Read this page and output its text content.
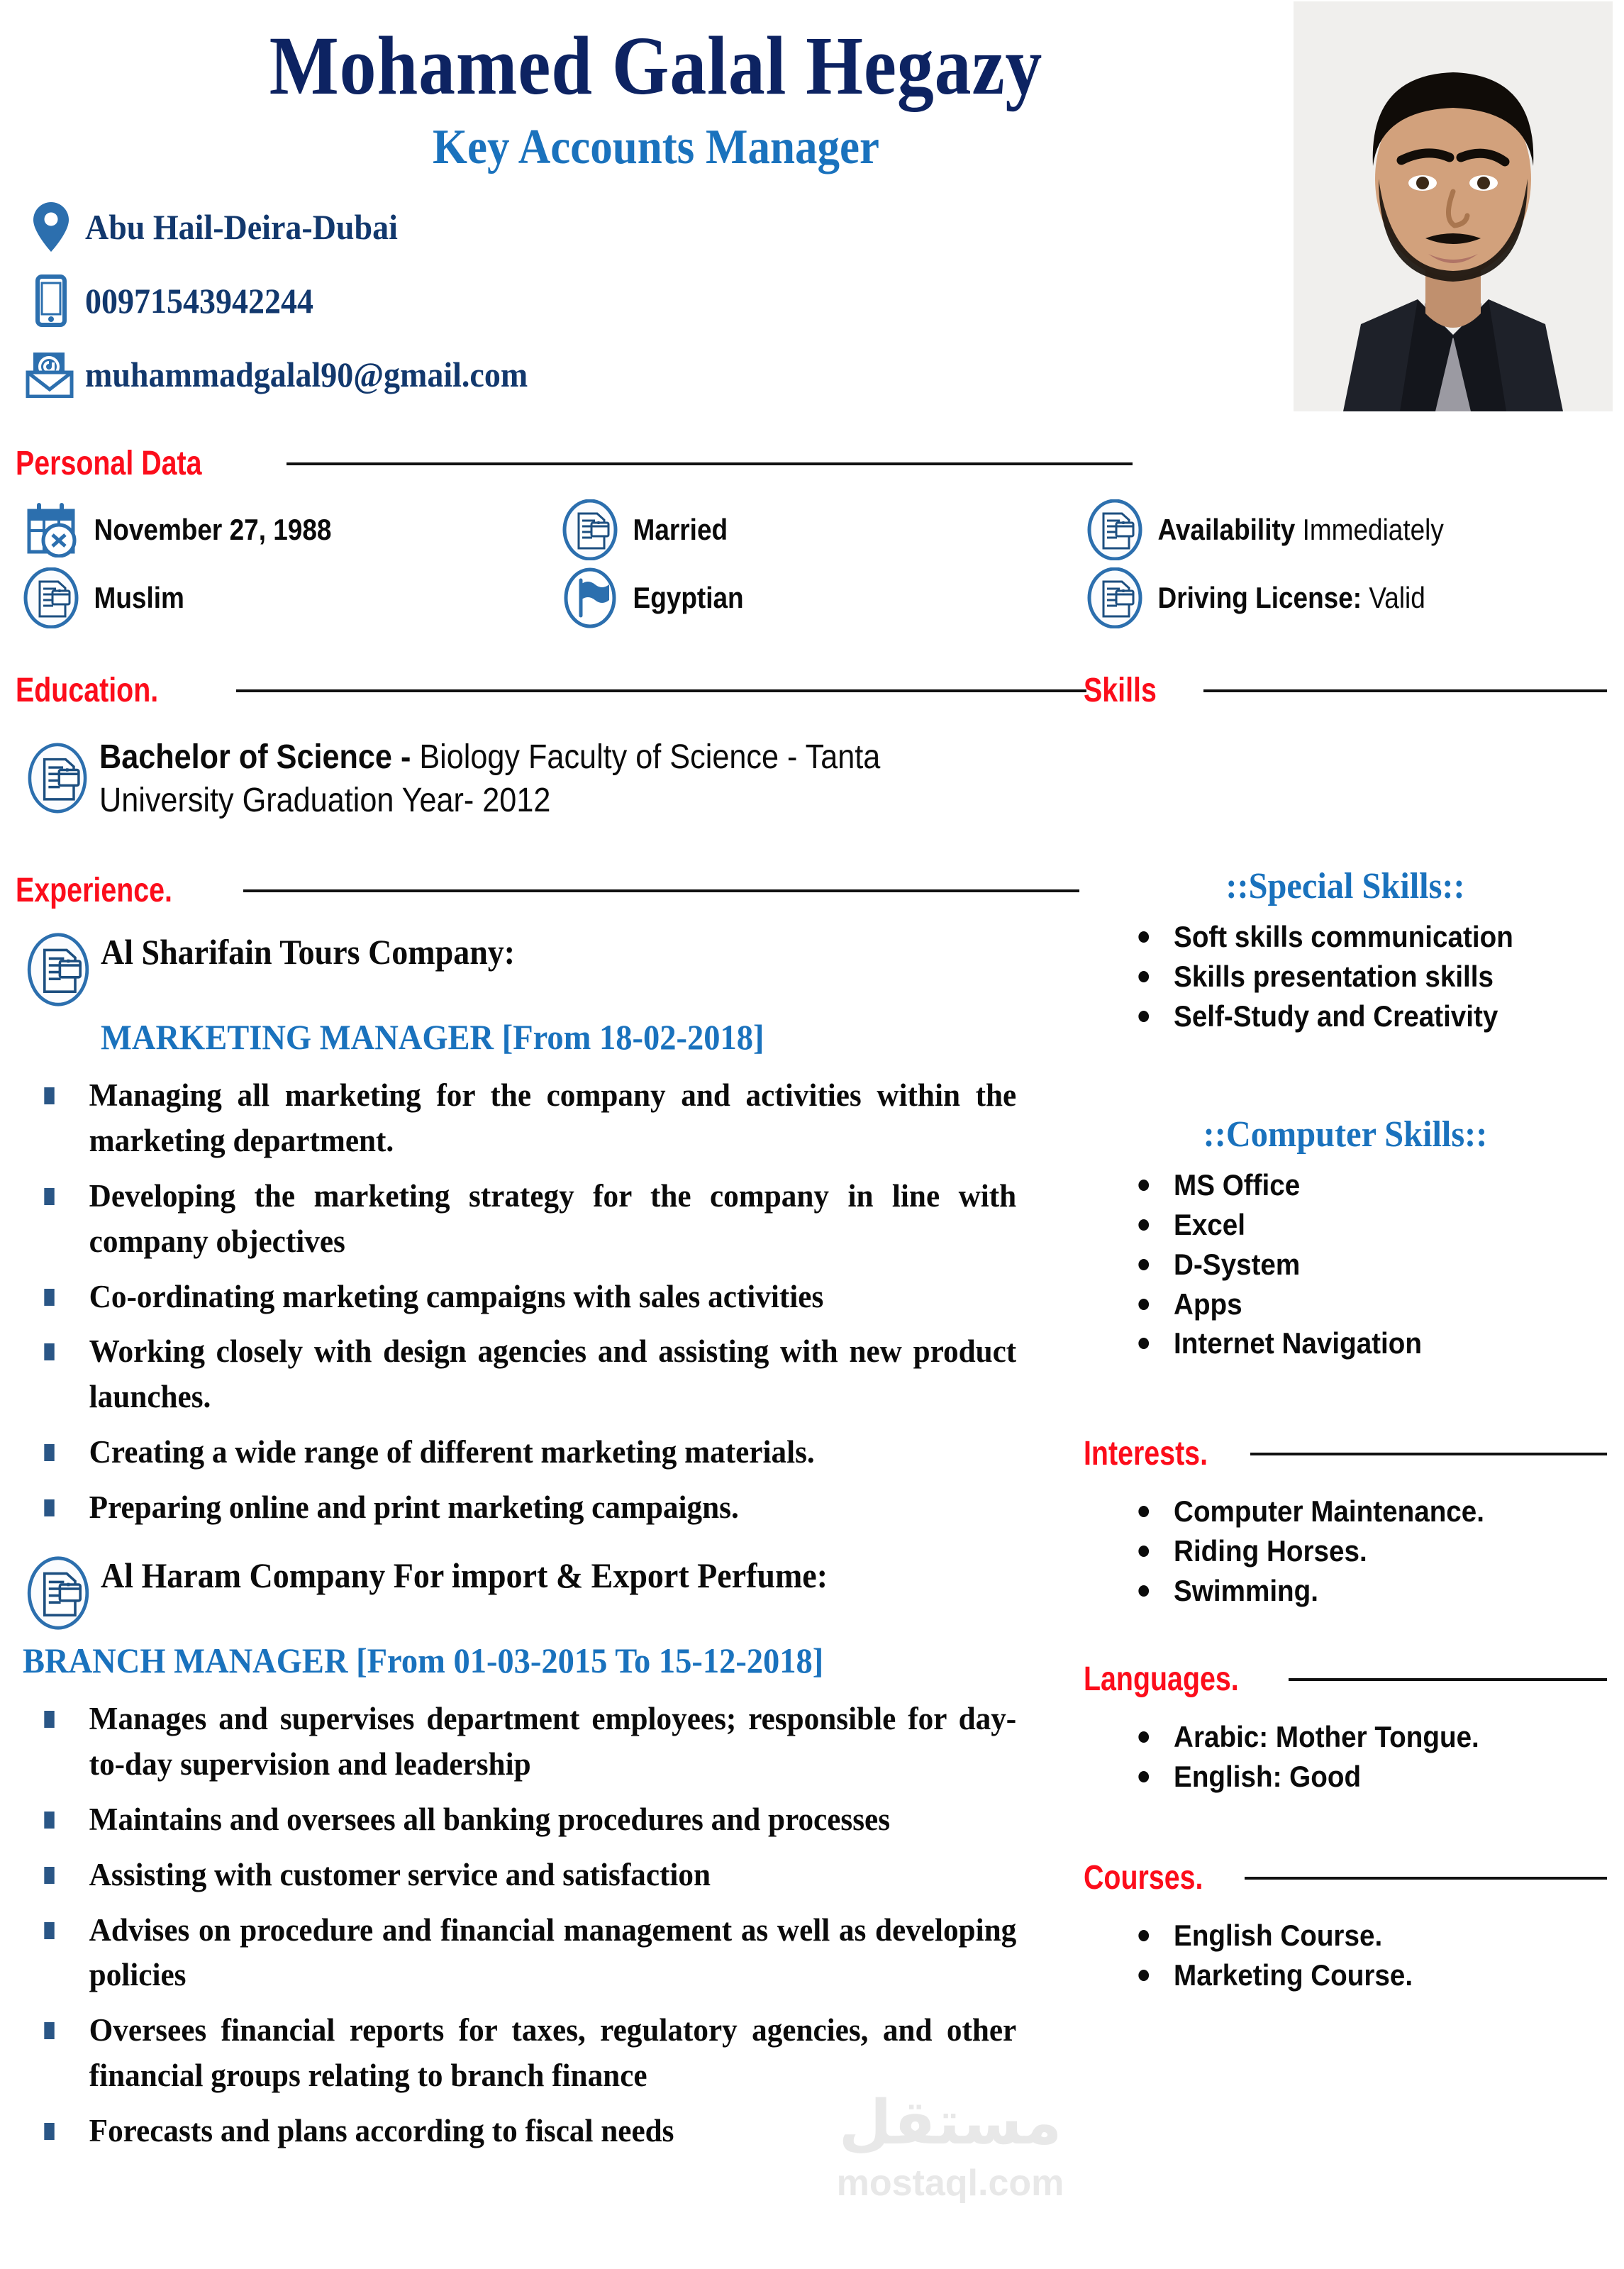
Mohamed Galal Hegazy
Key Accounts Manager
Abu Hail-Deira-Dubai
00971543942244
muhammadgalal90@gmail.com
Personal Data
November 27, 1988	Married	Availability Immediately
Muslim	Egyptian	Driving License: Valid
Education.
Bachelor of Science - Biology Faculty of Science - Tanta University Graduation Year- 2012
Experience.
Al Sharifain Tours Company:
MARKETING MANAGER [From 18-02-2018]
Managing all marketing for the company and activities within the marketing department.
Developing the marketing strategy for the company in line with company objectives
Co-ordinating marketing campaigns with sales activities
Working closely with design agencies and assisting with new product launches.
Creating a wide range of different marketing materials.
Preparing online and print marketing campaigns.
Al Haram Company For import & Export Perfume:
BRANCH MANAGER [From 01-03-2015 To 15-12-2018]
Manages and supervises department employees; responsible for day-to-day supervision and leadership
Maintains and oversees all banking procedures and processes
Assisting with customer service and satisfaction
Advises on procedure and financial management as well as developing policies
Oversees financial reports for taxes, regulatory agencies, and other financial groups relating to branch finance
Forecasts and plans according to fiscal needs
Skills
::Special Skills::
Soft skills communication
Skills presentation skills
Self-Study and Creativity
::Computer Skills::
MS Office
Excel
D-System
Apps
Internet Navigation
Interests.
Computer Maintenance.
Riding Horses.
Swimming.
Languages.
Arabic: Mother Tongue.
English: Good
Courses.
English Course.
Marketing Course.
مستقل
mostaql.com
